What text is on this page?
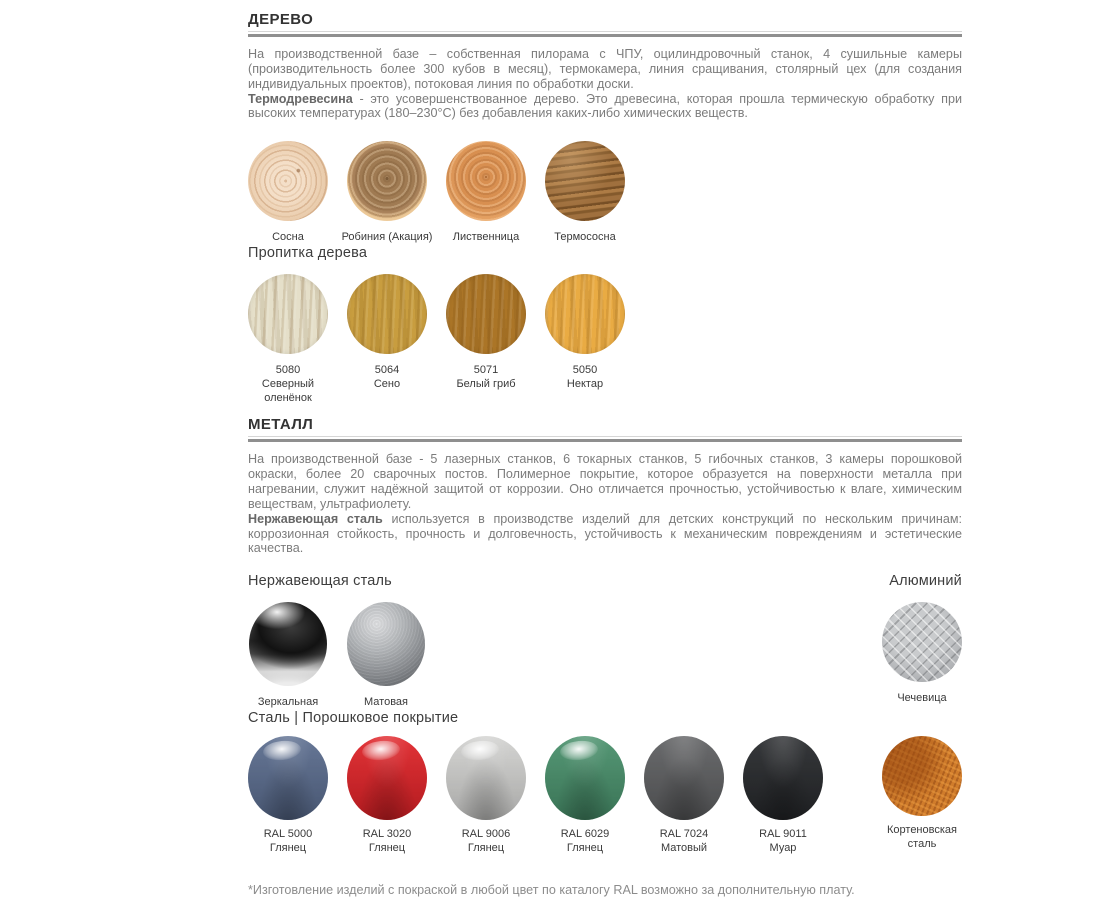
ДЕРЕВО

На производственной базе – собственная пилорама с ЧПУ, оцилиндровочный станок, 4 сушильные камеры (производительность более 300 кубов в месяц), термокамера, линия сращивания, столярный цех (для создания индивидуальных проектов), потоковая линия по обработки доски.
Термодревесина - это усовершенствованное дерево. Это древесина, которая прошла термическую обработку при высоких температурах (180–230°С) без добавления каких-либо химических веществ.

Сосна	Робиния (Акация) Лиственница	Термососна
Пропитка дерева
5080
Северный оленёнок
5064
Сено
5071
Белый гриб
5050
Нектар
МЕТАЛЛ

На производственной базе - 5 лазерных станков, 6 токарных станков, 5 гибочных станков, 3 камеры порошковой окраски, более 20 сварочных постов. Полимерное покрытие, которое образуется на поверхности металла при нагревании, служит надёжной защитой от коррозии. Оно отличается прочностью, устойчивостью к влаге, химическим веществам, ультрафиолету.
Нержавеющая сталь используется в производстве изделий для детских конструкций по нескольким причинам: коррозионная стойкость, прочность и долговечность, устойчивость к механическим повреждениям и эстетические качества.

Нержавеющая сталь	Алюминий
Зеркальная	Матовая	Чечевица
Сталь | Порошковое покрытие
RAL 5000
Глянец
RAL 3020
Глянец
RAL 9006
Глянец
RAL 6029
Глянец
RAL 7024
Матовый
RAL 9011
Муар
Кортеновская сталь

*Изготовление изделий с покраской в любой цвет по каталогу RAL возможно за дополнительную плату.
